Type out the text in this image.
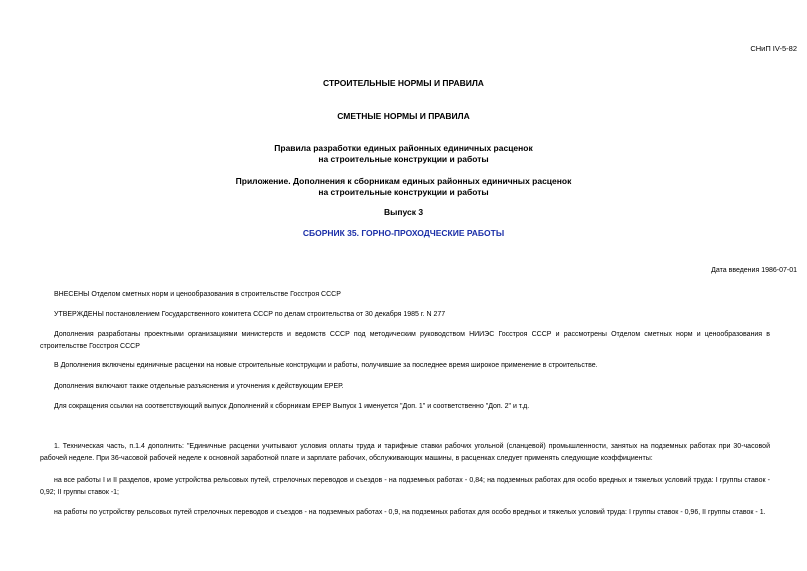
СНиП IV-5-82
СТРОИТЕЛЬНЫЕ НОРМЫ И ПРАВИЛА
СМЕТНЫЕ НОРМЫ И ПРАВИЛА
Правила разработки единых районных единичных расценок
на строительные конструкции и работы
Приложение. Дополнения к сборникам единых районных единичных расценок
на строительные конструкции и работы
Выпуск 3
СБОРНИК 35. ГОРНО-ПРОХОДЧЕСКИЕ РАБОТЫ
Дата введения 1986-07-01
ВНЕСЕНЫ Отделом сметных норм и ценообразования в строительстве Госстроя СССР
УТВЕРЖДЕНЫ постановлением Государственного комитета СССР по делам строительства от 30 декабря 1985 г. N 277
Дополнения разработаны проектными организациями министерств и ведомств СССР под методическим руководством НИИЭС Госстроя СССР и рассмотрены Отделом сметных норм и ценообразования в строительстве Госстроя СССР
В Дополнения включены единичные расценки на новые строительные конструкции и работы, получившие за последнее время широкое применение в строительстве.
Дополнения включают также отдельные разъяснения и уточнения к действующим ЕРЕР.
Для сокращения ссылки на соответствующий выпуск Дополнений к сборникам ЕРЕР Выпуск 1 именуется "Доп. 1" и соответственно "Доп. 2" и т.д.
1. Техническая часть, п.1.4 дополнить: "Единичные расценки учитывают условия оплаты труда и тарифные ставки рабочих угольной (сланцевой) промышленности, занятых на подземных работах при 30-часовой рабочей неделе. При 36-часовой рабочей неделе к основной заработной плате и зарплате рабочих, обслуживающих машины, в расценках следует применять следующие коэффициенты:
на все работы I и II разделов, кроме устройства рельсовых путей, стрелочных переводов и съездов - на подземных работах - 0,84; на подземных работах для особо вредных и тяжелых условий труда: I группы ставок - 0,92; II группы ставок -1;
на работы по устройству рельсовых путей стрелочных переводов и съездов - на подземных работах - 0,9, на подземных работах для особо вредных и тяжелых условий труда: I группы ставок - 0,96, II группы ставок - 1.
